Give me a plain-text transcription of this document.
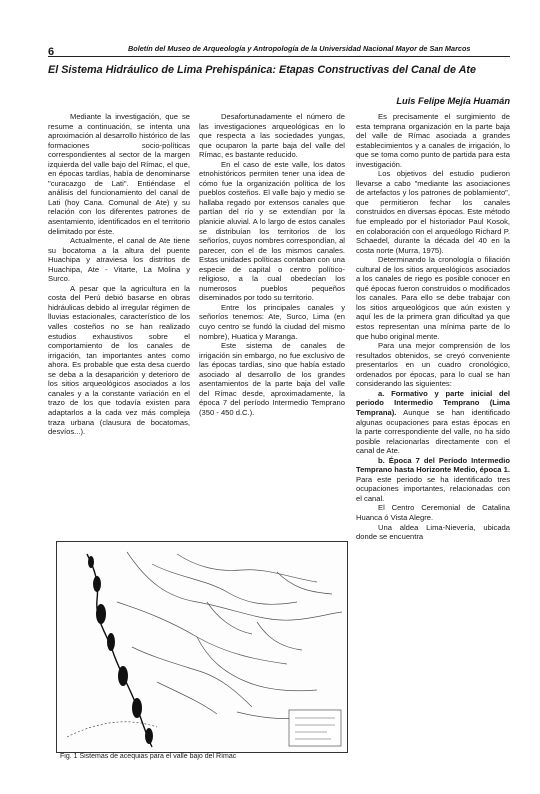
6	Boletín del Museo de Arqueología y Antropología de la Universidad Nacional Mayor de San Marcos
El Sistema Hidráulico de Lima Prehispánica: Etapas Constructivas del Canal de Ate
Luis Felipe Mejía Huamán

Mediante la investigación, que se resume a continuación, se intenta una aproximación al desarrollo histórico de las formaciones socio-políticas correspondientes al sector de la margen izquierda del valle bajo del Rímac, el que, en épocas tardías, había de denominarse "curacazgo de Lati". Entiéndase el análisis del funcionamiento del canal de Lati (hoy Cana. Comunal de Ate) y su relación con los diferentes patrones de asentamiento, identificados en el territorio delimitado por éste.

Actualmente, el canal de Ate tiene su bocatoma a la altura del puente Huachipa y atraviesa los distritos de Huachipa, Ate - Vitarte, La Molina y Surco.

A pesar que la agricultura en la costa del Perú debió basarse en obras hidráulicas debido al irregular régimen de lluvias estacionales, característico de los valles costeños no se han realizado estudios exhaustivos sobre el comportamiento de los canales de irrigación, tan importantes antes como ahora. Es probable que esta desa cuerdo se deba a la desaparición y deterioro de los sitios arqueológicos asociados a los canales y a la constante variación en el trazo de los que todavía existen para adaptarlos a la cada vez más compleja traza urbana (clausura de bocatomas, desvíos...).

Desafortunadamente el número de las investigaciones arqueológicas en lo que respecta a las sociedades yungas, que ocuparon la parte baja del valle del Rímac, es bastante reducido.

En el caso de este valle, los datos etnohistóricos permiten tener una idea de cómo fue la organización política de los pueblos costeños. El valle bajo y medio se hallaba regado por extensos canales que partían del río y se extendían por la planicie aluvial. A lo largo de estos canales se distribuían los territorios de los señoríos, cuyos nombres correspondían, al parecer, con el de los mismos canales. Estas unidades políticas contaban con una especie de capital o centro político-religioso, a la cual obedecían los numerosos pueblos pequeños diseminados por todo su territorio.

Entre los principales canales y señoríos tenemos: Ate, Surco, Lima (en cuyo centro se fundó la ciudad del mismo nombre), Huatica y Maranga.

Este sistema de canales de irrigación sin embargo, no fue exclusivo de las épocas tardías, sino que había estado asociado al desarrollo de los grandes asentamientos de la parte baja del valle del Rímac desde, aproximadamente, la época 7 del período Intermedio Temprano (350 - 450 d.C.).

Es precisamente el surgimiento de esta temprana organización en la parte baja del valle de Rímac asociada a grandes establecimientos y a canales de irrigación, lo que se toma como punto de partida para esta investigación.

Los objetivos del estudio pudieron llevarse a cabo "mediante las asociaciones de artefactos y los patrones de poblamiento", que permitieron fechar los canales construidos en diversas épocas. Este método fue empleado por el historiador Paul Kosok, en colaboración con el arqueólogo Richard P. Schaedel, durante la década del 40 en la costa norte (Murra, 1975).

Determinando la cronología o filiación cultural de los sitios arqueológicos asociados a los canales de riego es posible conocer en qué épocas fueron construidos o modificados los canales. Para ello se debe trabajar con los sitios arqueológicos que aún existen y aquí les de la primera gran dificultad ya que estos representan una mínima parte de lo que hubo original mente.

Para una mejor comprensión de los resultados obtenidos, se creyó conveniente presentarlos en un cuadro cronológico, ordenados por épocas, para lo cual se han considerando las siguientes:

a. Formativo y parte inicial del periodo Intermedio Temprano (Lima Temprana). Aunque se han identificado algunas ocupaciones para estas épocas en la parte correspondiente del valle, no ha sido posible relacionarlas directamente con el canal de Ate.

b. Época 7 del Período Intermedio Temprano hasta Horizonte Medio, época 1. Para este periodo se ha identificado tres ocupaciones importantes, relacionadas con el canal.

El Centro Ceremonial de Catalina Huanca ó Vista Alegre.

Una aldea Lima-Nievería, ubicada donde se encuentra

Fig. 1 Sistemas de acequias para el valle bajo del Rímac
